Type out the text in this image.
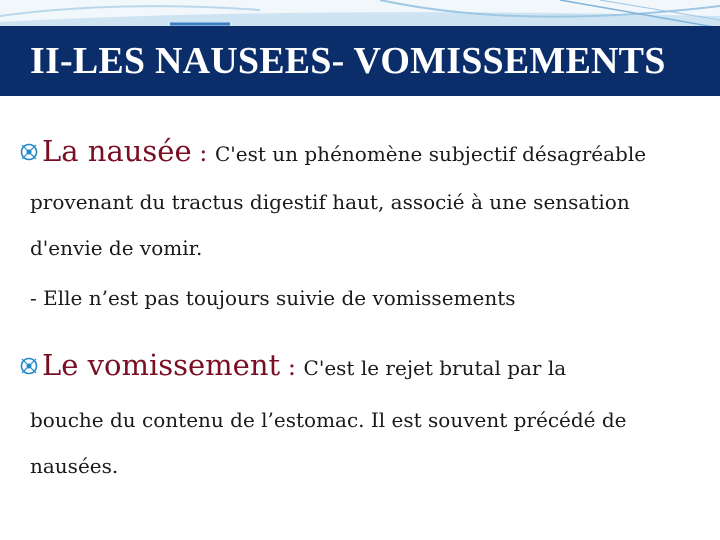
II-LES NAUSEES- VOMISSEMENTS
La nausée : C'est un phénomène subjectif désagréable
provenant du tractus digestif haut, associé à une sensation
d'envie de vomir.
- Elle n’est pas toujours suivie de vomissements
Le vomissement : C'est le rejet brutal par la
bouche du contenu de l’estomac. Il est souvent précédé de
nausées.
